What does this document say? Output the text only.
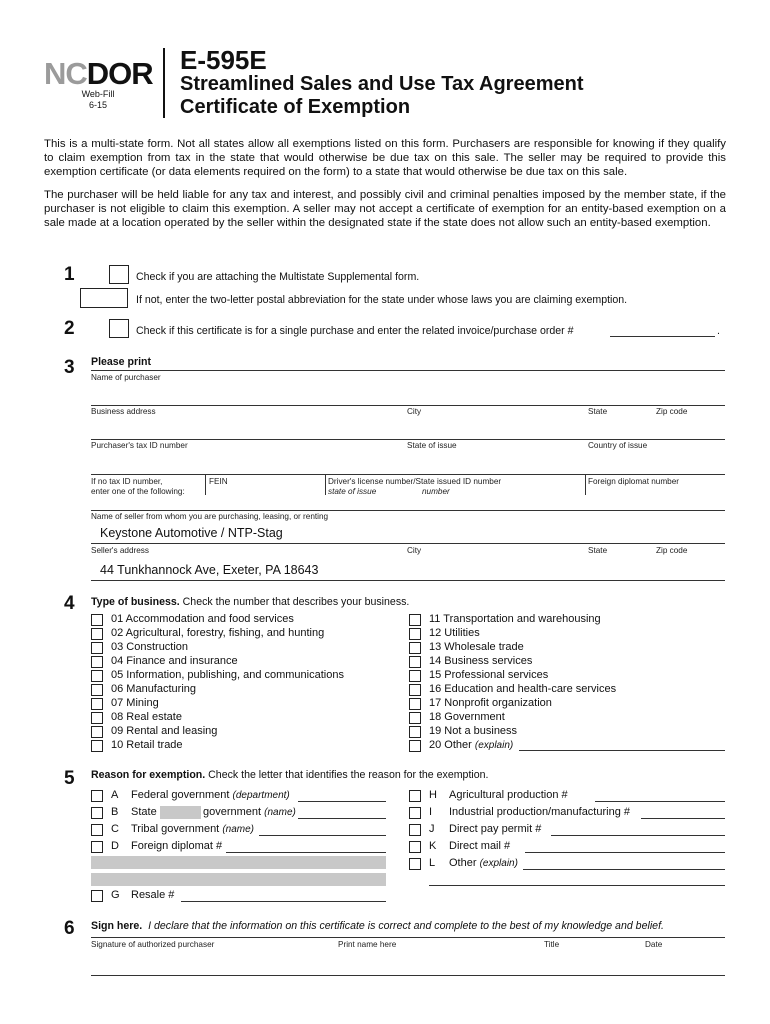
NCDOR
Web-Fill
6-15
E-595E
Streamlined Sales and Use Tax Agreement
Certificate of Exemption
This is a multi-state form. Not all states allow all exemptions listed on this form. Purchasers are responsible for knowing if they qualify to claim exemption from tax in the state that would otherwise be due tax on this sale. The seller may be required to provide this exemption certificate (or data elements required on the form) to a state that would otherwise be due tax on this sale.
The purchaser will be held liable for any tax and interest, and possibly civil and criminal penalties imposed by the member state, if the purchaser is not eligible to claim this exemption. A seller may not accept a certificate of exemption for an entity-based exemption on a sale made at a location operated by the seller within the designated state if the state does not allow such an entity-based exemption.
1	Check if you are attaching the Multistate Supplemental form.
If not, enter the two-letter postal abbreviation for the state under whose laws you are claiming exemption.
2	Check if this certificate is for a single purchase and enter the related invoice/purchase order #	.
3 Please print
Name of purchaser
Business address	City	State	Zip code
Purchaser's tax ID number	State of issue	Country of issue
If no tax ID number,
enter one of the following:
FEIN	Driver's license number/State issued ID number
state of issue	number
Foreign diplomat number
Name of seller from whom you are purchasing, leasing, or renting
Keystone Automotive / NTP-Stag
Seller's address	City	State	Zip code
44 Tunkhannock Ave, Exeter, PA 18643
4 Type of business. Check the number that describes your business.
01 Accommodation and food services
02 Agricultural, forestry, fishing, and hunting
03 Construction
04 Finance and insurance
05 Information, publishing, and communications
06 Manufacturing
07 Mining
08 Real estate
09 Rental and leasing
10 Retail trade
11 Transportation and warehousing
12 Utilities
13 Wholesale trade
14 Business services
15 Professional services
16 Education and health-care services
17 Nonprofit organization
18 Government
19 Not a business
20 Other (explain)
5 Reason for exemption. Check the letter that identifies the reason for the exemption.
A Federal government (department)
B State	government (name)
C Tribal government (name)
D Foreign diplomat #
G Resale #
H Agricultural production #
I Industrial production/manufacturing #
J Direct pay permit #
K Direct mail #
L Other (explain)
6 Sign here. I declare that the information on this certificate is correct and complete to the best of my knowledge and belief.
Signature of authorized purchaser	Print name here	Title	Date
